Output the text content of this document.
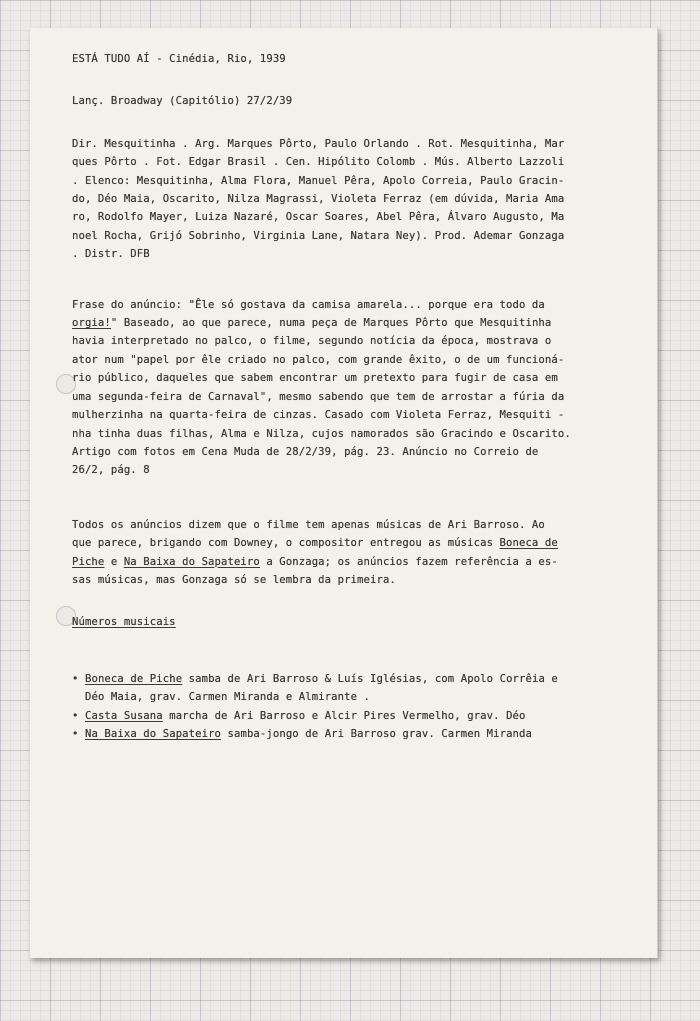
ESTÁ TUDO AÍ - Cinédia, Rio, 1939

Lanç. Broadway (Capitólio) 27/2/39

Dir. Mesquitinha . Arg. Marques Pôrto, Paulo Orlando . Rot. Mesquitinha, Mar

ques Pôrto . Fot. Edgar Brasil . Cen. Hipólito Colomb . Mús. Alberto Lazzoli

. Elenco: Mesquitinha, Alma Flora, Manuel Pêra, Apolo Correia, Paulo Gracin-

do, Déo Maia, Oscarito, Nilza Magrassi, Violeta Ferraz (em dúvida, Maria Ama

ro, Rodolfo Mayer, Luiza Nazaré, Oscar Soares, Abel Pêra, Álvaro Augusto, Ma

noel Rocha, Grijó Sobrinho, Virginia Lane, Natara Ney). Prod. Ademar Gonzaga

. Distr. DFB

Frase do anúncio: "Êle só gostava da camisa amarela... porque era todo da

orgia!" Baseado, ao que parece, numa peça de Marques Pôrto que Mesquitinha

havia interpretado no palco, o filme, segundo notícia da época, mostrava o

ator num "papel por êle criado no palco, com grande êxito, o de um funcioná-

rio público, daqueles que sabem encontrar um pretexto para fugir de casa em

uma segunda-feira de Carnaval", mesmo sabendo que tem de arrostar a fúria da

mulherzinha na quarta-feira de cinzas. Casado com Violeta Ferraz, Mesquiti -

nha tinha duas filhas, Alma e Nilza, cujos namorados são Gracindo e Oscarito.

Artigo com fotos em Cena Muda de 28/2/39, pág. 23. Anúncio no Correio de

26/2, pág. 8

Todos os anúncios dizem que o filme tem apenas músicas de Ari Barroso. Ao

que parece, brigando com Downey, o compositor entregou as músicas Boneca de

Piche e Na Baixa do Sapateiro a Gonzaga; os anúncios fazem referência a es-

sas músicas, mas Gonzaga só se lembra da primeira.

Números musicais

• Boneca de Piche samba de Ari Barroso & Luís Iglésias, com Apolo Corrêia e
Déo Maia, grav. Carmen Miranda e Almirante .
• Casta Susana marcha de Ari Barroso e Alcir Pires Vermelho, grav. Déo
• Na Baixa do Sapateiro samba-jongo de Ari Barroso grav. Carmen Miranda
